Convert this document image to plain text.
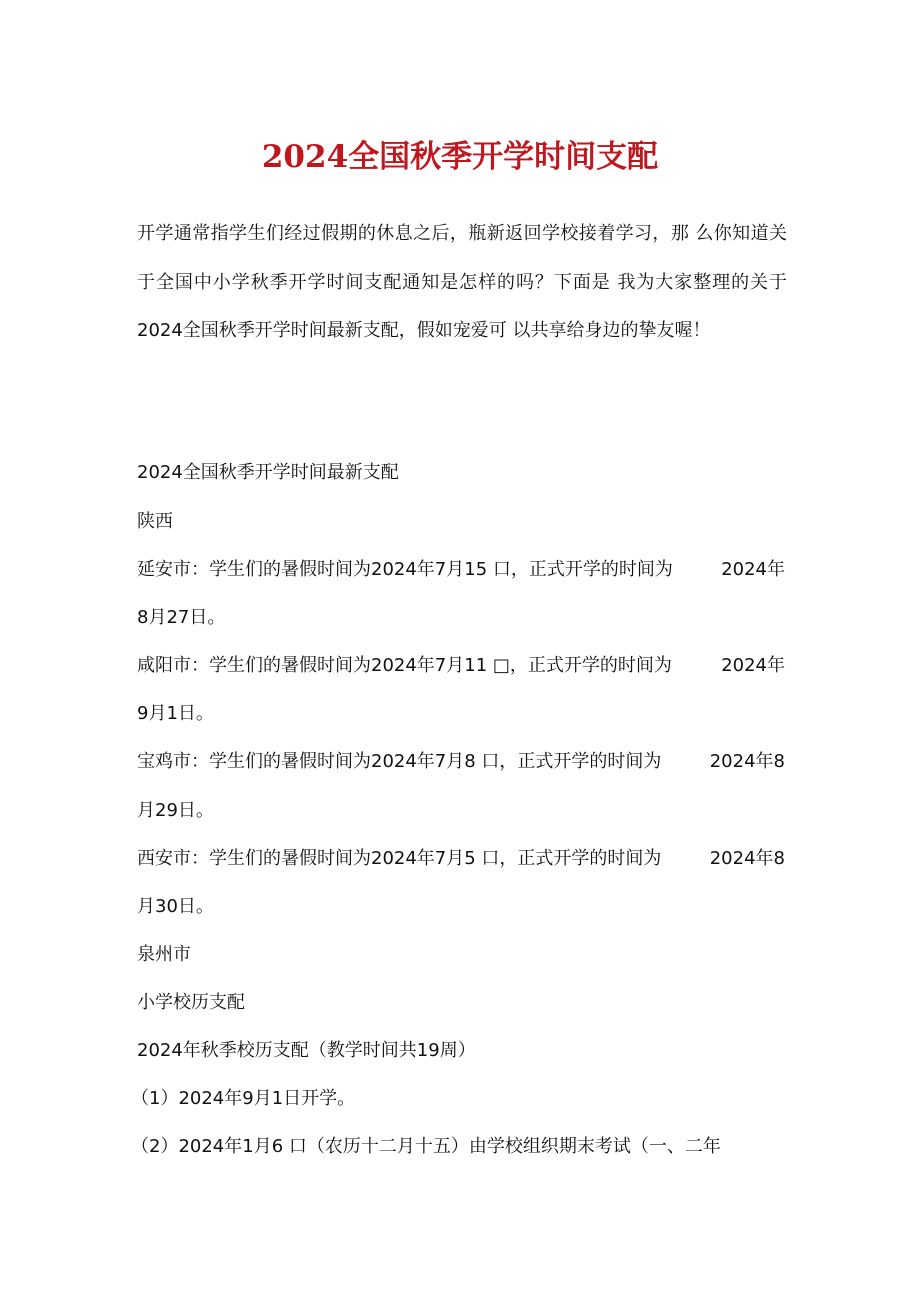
2024全国秋季开学时间支配

开学通常指学生们经过假期的休息之后，瓶新返回学校接着学习，那 么你知道关于全国中小学秋季开学时间支配通知是怎样的吗？下面是 我为大家整理的关于2024全国秋季开学时间最新支配，假如宠爱可 以共享给身边的挚友喔！

2024全国秋季开学时间最新支配

陕西

延安市：学生们的暑假时间为2024年7月15 口，正式开学的时间为	2024年

8月27日。

咸阳市：学生们的暑假时间为2024年7月11 □，正式开学的时间为	2024年

9月1日。

宝鸡市：学生们的暑假时间为2024年7月8 口，正式开学的时间为	2024年8

月29日。

西安市：学生们的暑假时间为2024年7月5 口，正式开学的时间为	2024年8

月30日。

泉州市

小学校历支配

2024年秋季校历支配（教学时间共19周）

（1）2024年9月1日开学。

（2）2024年1月6 口（农历十二月十五）由学校组织期末考试（一、二年
